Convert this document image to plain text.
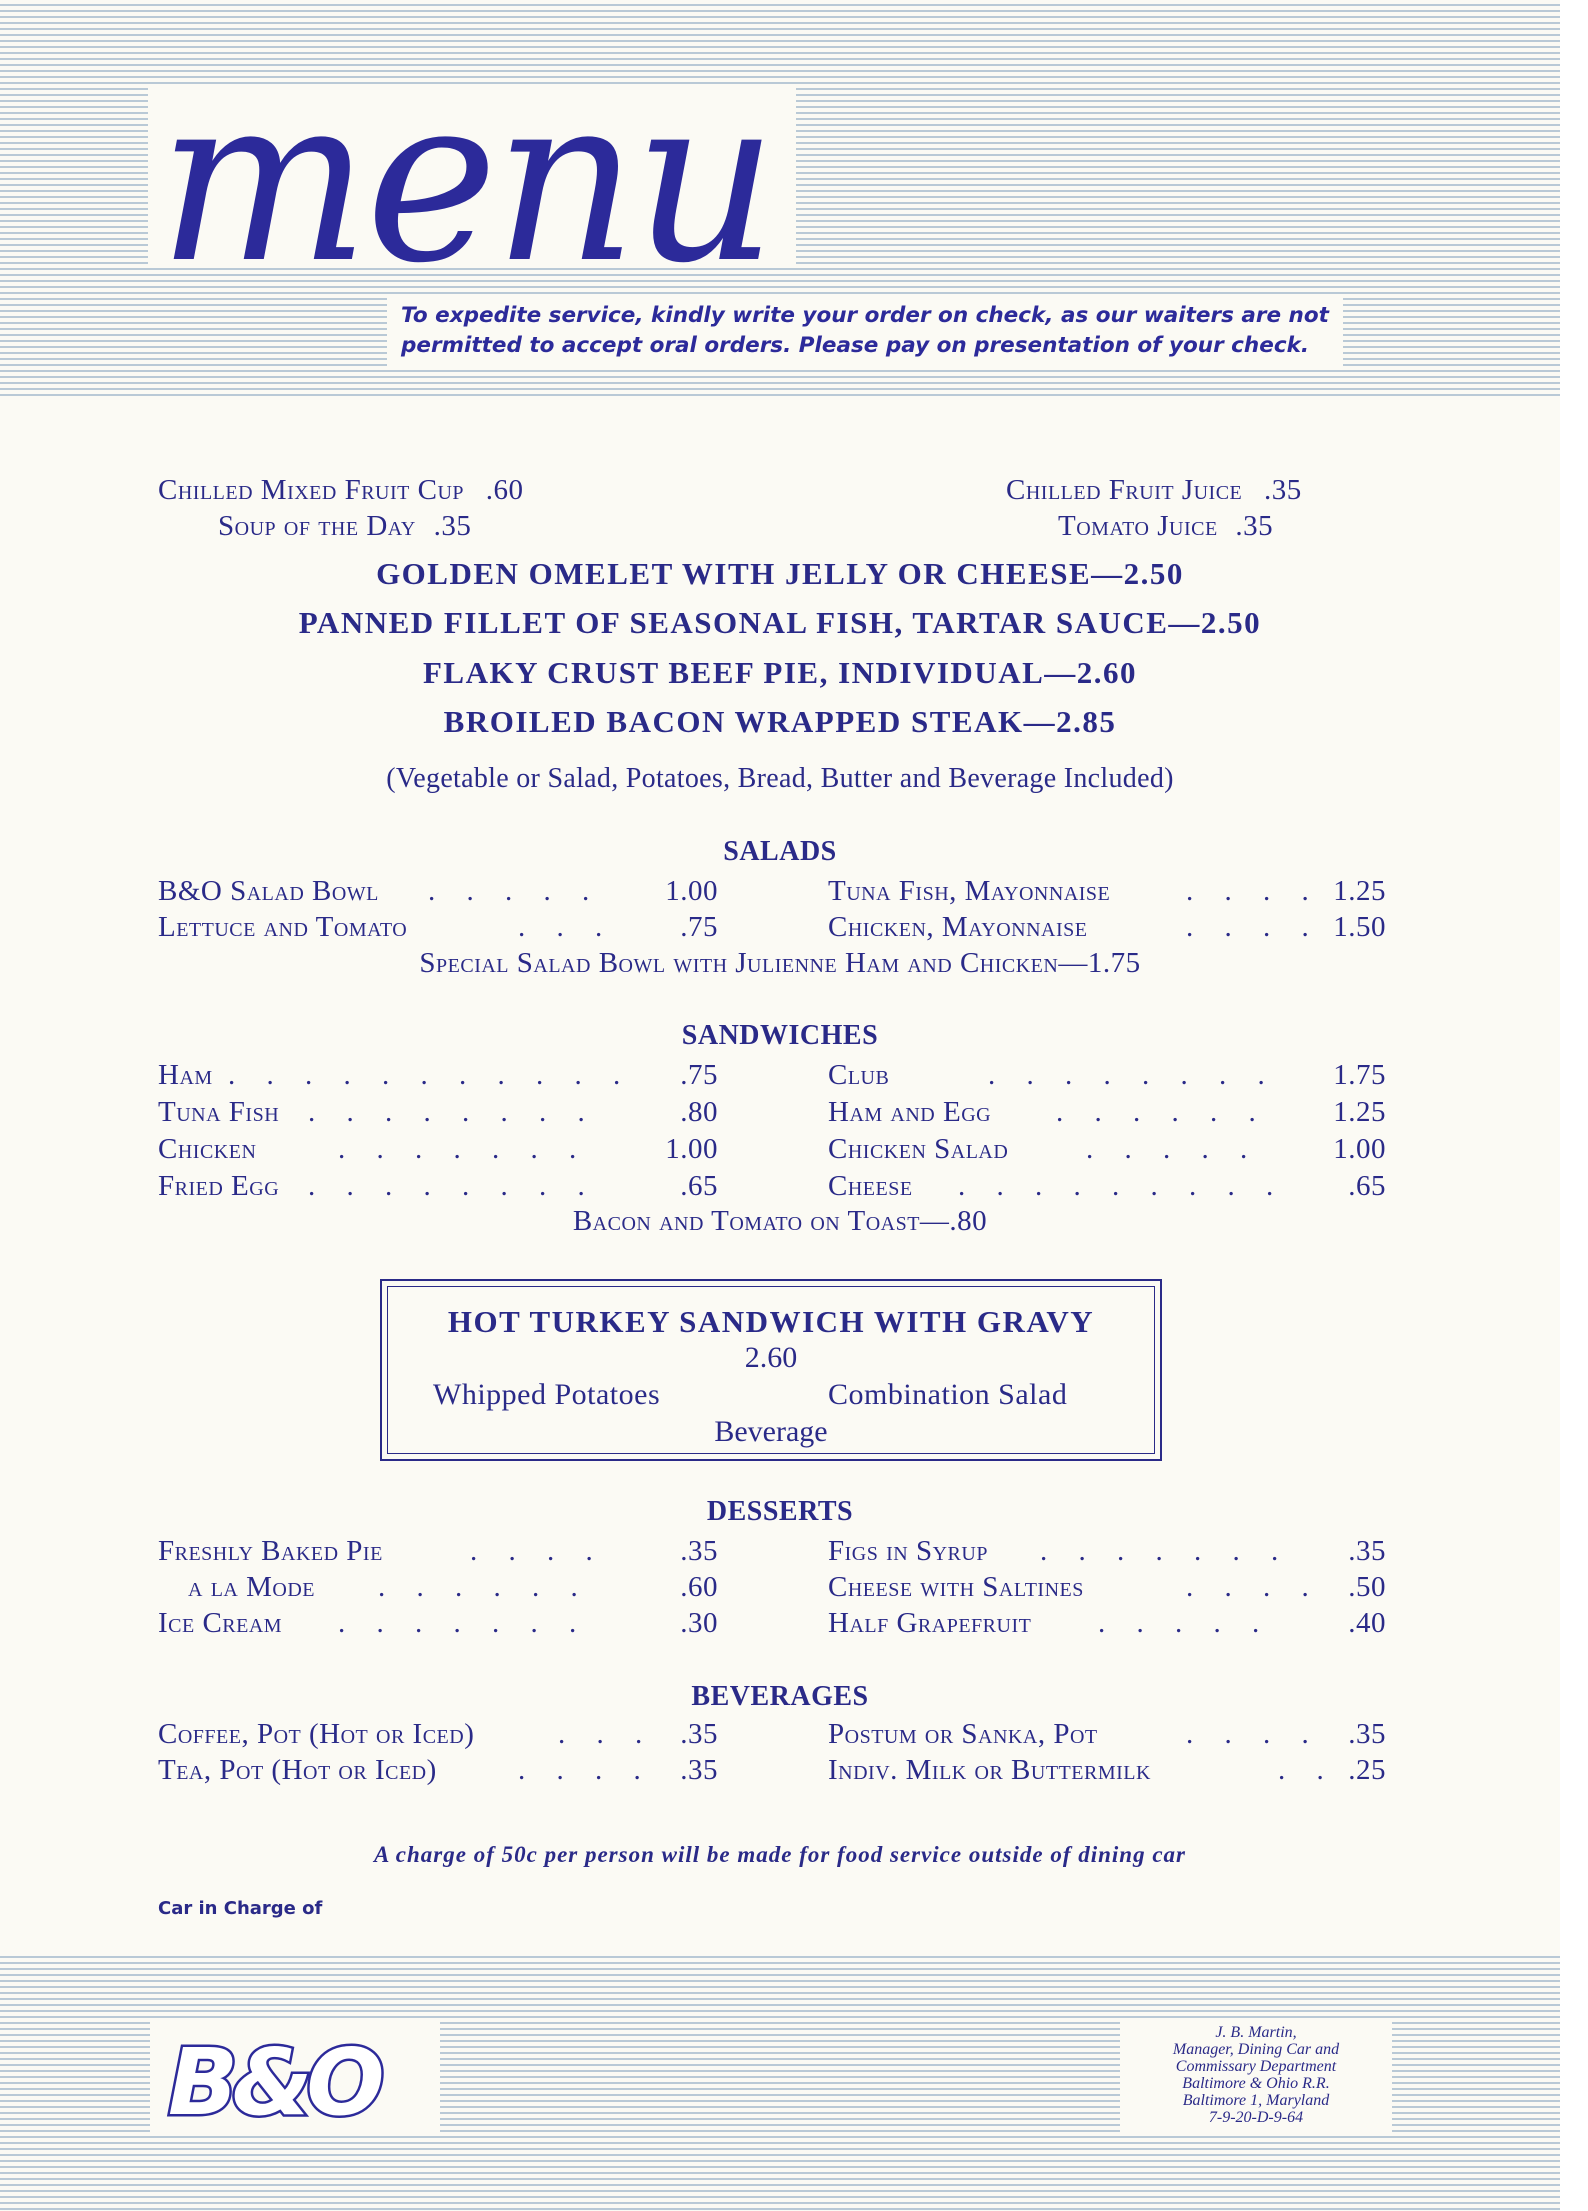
menu
To expedite service, kindly write your order on check, as our waiters are not
permitted to accept oral orders. Please pay on presentation of your check.
Chilled Mixed Fruit Cup .60
Soup of the Day .35
Chilled Fruit Juice .35
Tomato Juice .35
GOLDEN OMELET WITH JELLY OR CHEESE—2.50
PANNED FILLET OF SEASONAL FISH, TARTAR SAUCE—2.50
FLAKY CRUST BEEF PIE, INDIVIDUAL—2.60
BROILED BACON WRAPPED STEAK—2.85
(Vegetable or Salad, Potatoes, Bread, Butter and Beverage Included)
SALADS
B&O Salad Bowl . . . . . 1.00
Lettuce and Tomato	. . . .75
Tuna Fish, Mayonnaise	. . . . 1.25
Chicken, Mayonnaise	. . . . 1.50
Special Salad Bowl with Julienne Ham and Chicken—1.75
SANDWICHES
Ham . . . . . . . . . . . .75
Tuna Fish . . . . . . . .	.80
Chicken	. . . . . . .	1.00
Fried Egg . . . . . . . .	.65
Club	. . . . . . . . 1.75
Ham and Egg . . . . . . 1.25
Chicken Salad	. . . . .	1.00
Cheese . . . . . . . . . .65
Bacon and Tomato on Toast—.80
HOT TURKEY SANDWICH WITH GRAVY
2.60
Whipped Potatoes	Combination Salad
Beverage
DESSERTS
Freshly Baked Pie	. . . .	.35
a la Mode . . . . . .	.60
Ice Cream . . . . . . .	.30
Figs in Syrup . . . . . . . .35
Cheese with Saltines	. . . . .50
Half Grapefruit . . . . .	.40
BEVERAGES
Coffee, Pot (Hot or Iced)	. . . .35
Tea, Pot (Hot or Iced)	. . . . .35
Postum or Sanka, Pot	. . . . .35
Indiv. Milk or Buttermilk	. . .25
A charge of 50c per person will be made for food service outside of dining car
Car in Charge of
B&O	J. B. Martin,
Manager, Dining Car and
Commissary Department
Baltimore & Ohio R.R.
Baltimore 1, Maryland
7-9-20-D-9-64
